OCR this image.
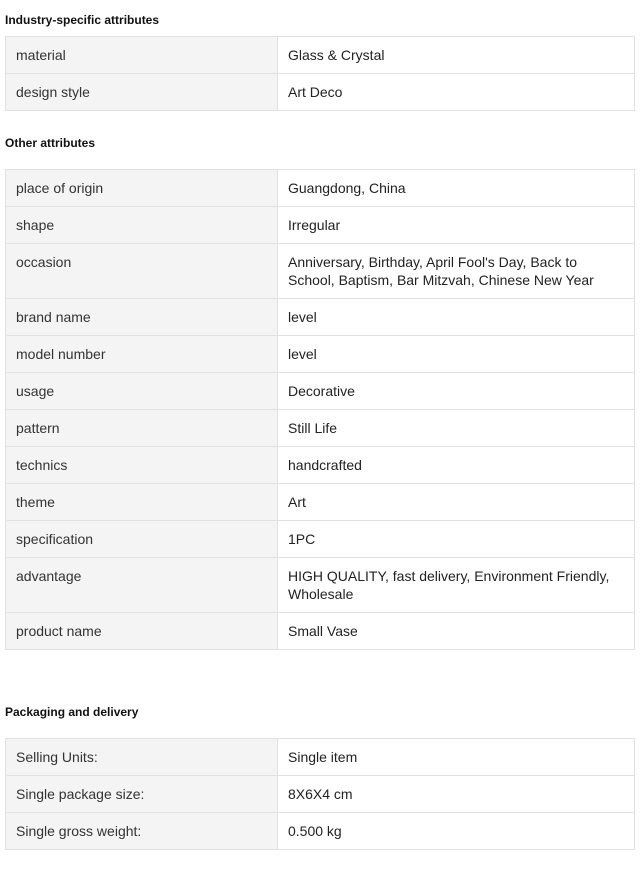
Industry-specific attributes
material	Glass & Crystal
design style	Art Deco
Other attributes
place of origin	Guangdong, China
shape	Irregular
occasion	Anniversary, Birthday, April Fool's Day, Back to School, Baptism, Bar Mitzvah, Chinese New Year
brand name	level
model number	level
usage	Decorative
pattern	Still Life
technics	handcrafted
theme	Art
specification	1PC
advantage	HIGH QUALITY, fast delivery, Environment Friendly, Wholesale
product name	Small Vase
Packaging and delivery
Selling Units:	Single item
Single package size:	8X6X4 cm
Single gross weight:	0.500 kg
